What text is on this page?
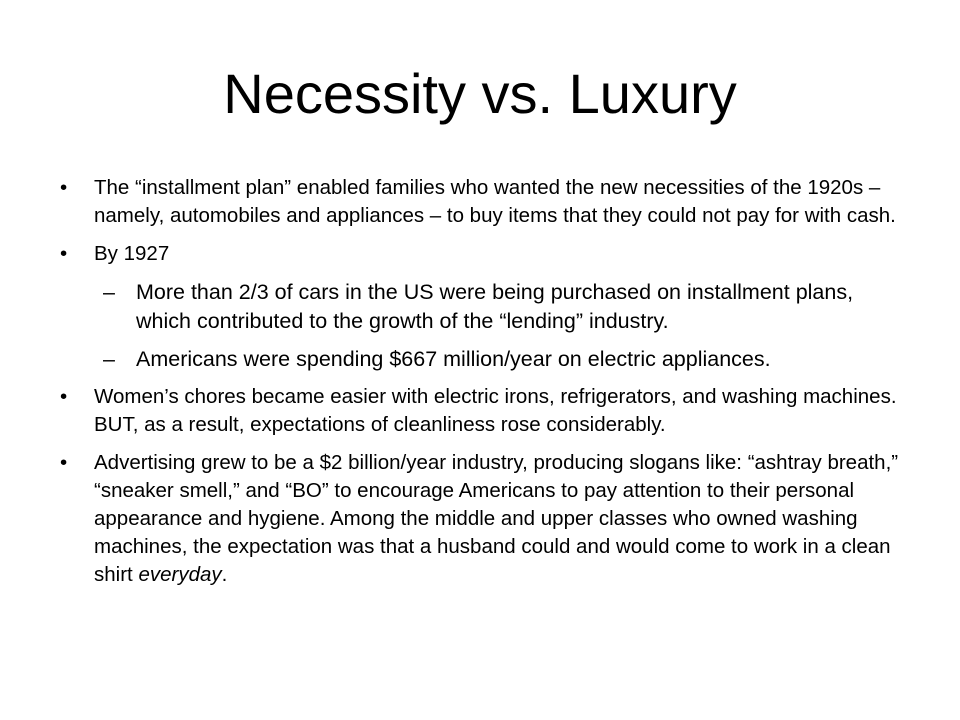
Necessity vs. Luxury
• The “installment plan” enabled families who wanted the new necessities of the 1920s – namely, automobiles and appliances – to buy items that they could not pay for with cash.
• By 1927
– More than 2/3 of cars in the US were being purchased on installment plans, which contributed to the growth of the “lending” industry.
– Americans were spending $667 million/year on electric appliances.
• Women’s chores became easier with electric irons, refrigerators, and washing machines. BUT, as a result, expectations of cleanliness rose considerably.
• Advertising grew to be a $2 billion/year industry, producing slogans like: “ashtray breath,” “sneaker smell,” and “BO” to encourage Americans to pay attention to their personal appearance and hygiene. Among the middle and upper classes who owned washing machines, the expectation was that a husband could and would come to work in a clean shirt everyday.
